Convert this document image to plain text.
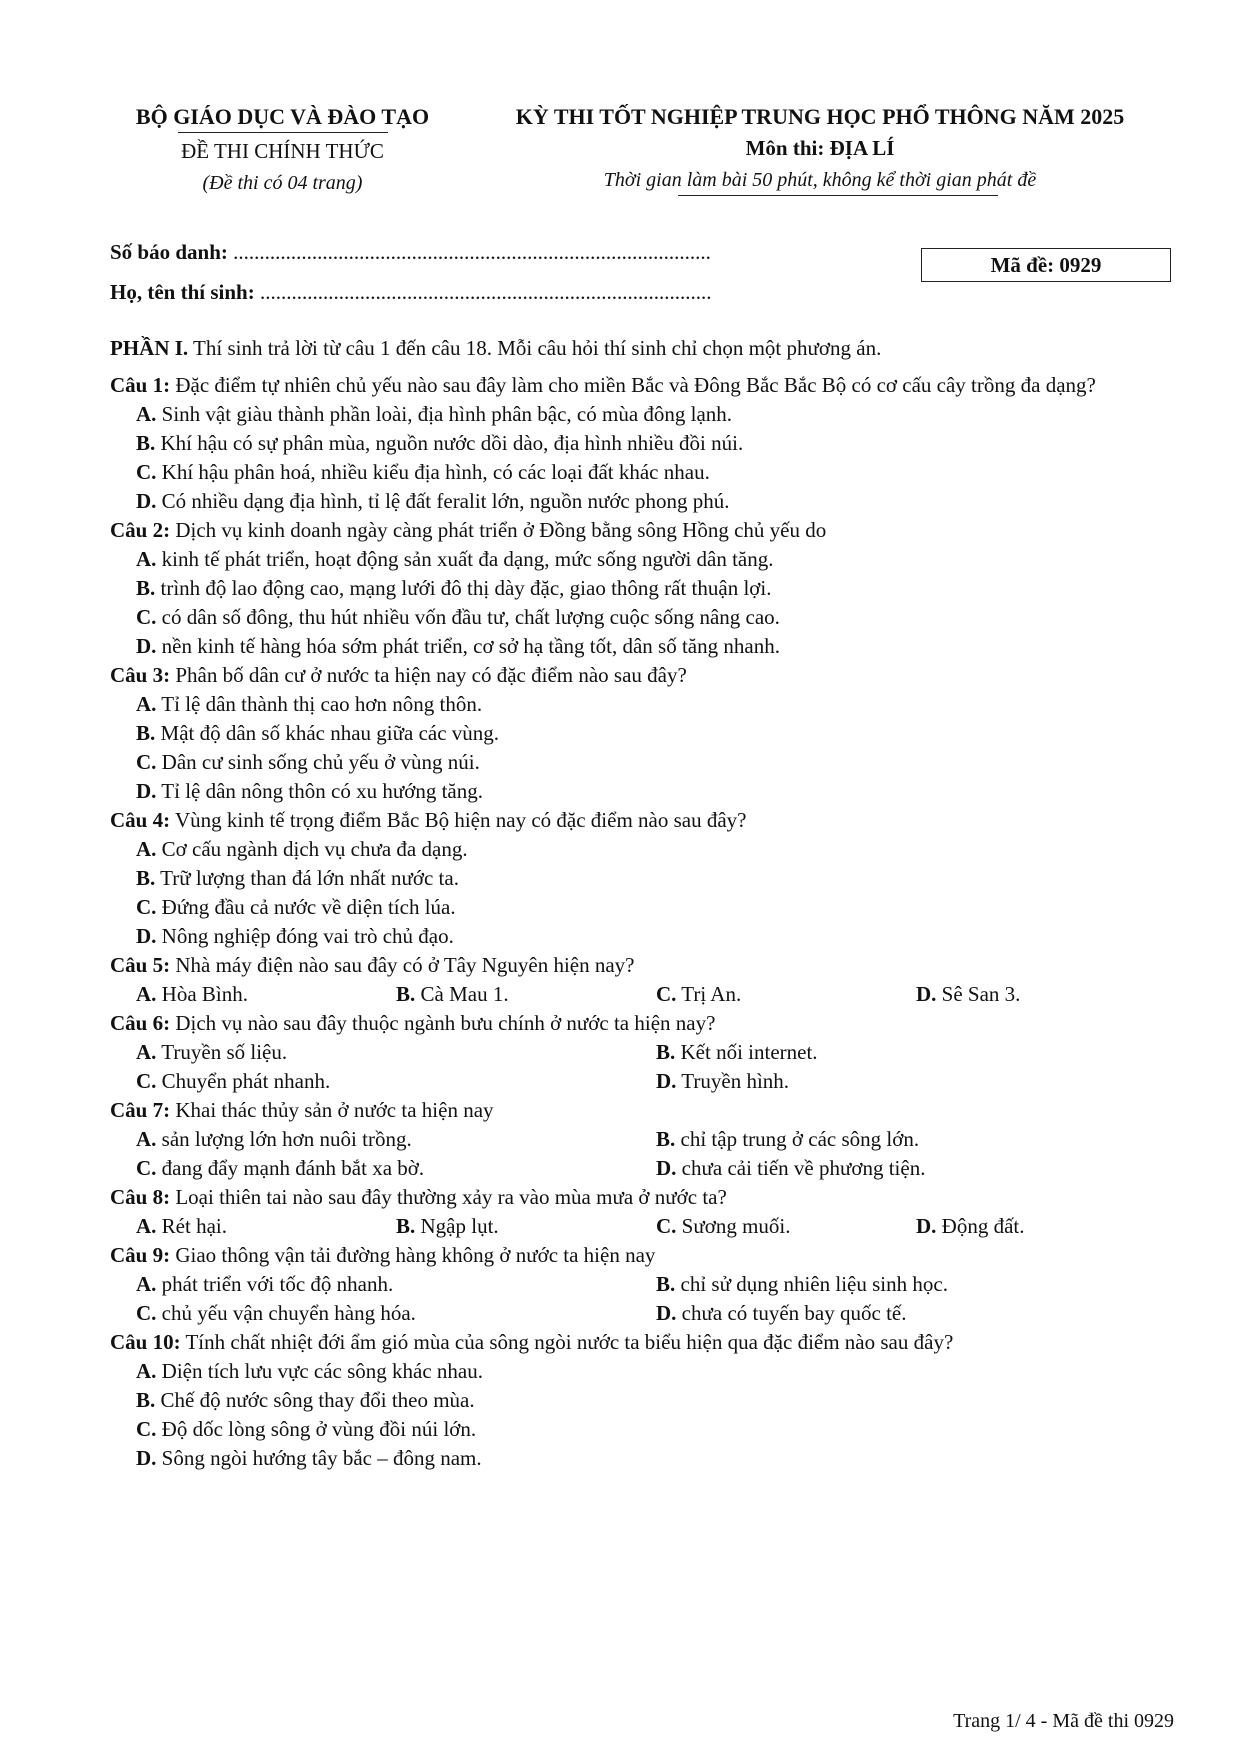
BỘ GIÁO DỤC VÀ ĐÀO TẠO
ĐỀ THI CHÍNH THỨC
(Đề thi có 04 trang)
KỲ THI TỐT NGHIỆP TRUNG HỌC PHỔ THÔNG NĂM 2025
Môn thi: ĐỊA LÍ
Thời gian làm bài 50 phút, không kể thời gian phát đề
Số báo danh: ...........................................................................................
Họ, tên thí sinh: ......................................................................................
Mã đề: 0929

PHẦN I. Thí sinh trả lời từ câu 1 đến câu 18. Mỗi câu hỏi thí sinh chỉ chọn một phương án.

Câu 1: Đặc điểm tự nhiên chủ yếu nào sau đây làm cho miền Bắc và Đông Bắc Bắc Bộ có cơ cấu cây trồng đa dạng?

A. Sinh vật giàu thành phần loài, địa hình phân bậc, có mùa đông lạnh.

B. Khí hậu có sự phân mùa, nguồn nước dồi dào, địa hình nhiều đồi núi.

C. Khí hậu phân hoá, nhiều kiểu địa hình, có các loại đất khác nhau.

D. Có nhiều dạng địa hình, tỉ lệ đất feralit lớn, nguồn nước phong phú.

Câu 2: Dịch vụ kinh doanh ngày càng phát triển ở Đồng bằng sông Hồng chủ yếu do

A. kinh tế phát triển, hoạt động sản xuất đa dạng, mức sống người dân tăng.

B. trình độ lao động cao, mạng lưới đô thị dày đặc, giao thông rất thuận lợi.

C. có dân số đông, thu hút nhiều vốn đầu tư, chất lượng cuộc sống nâng cao.

D. nền kinh tế hàng hóa sớm phát triển, cơ sở hạ tầng tốt, dân số tăng nhanh.

Câu 3: Phân bố dân cư ở nước ta hiện nay có đặc điểm nào sau đây?

A. Tỉ lệ dân thành thị cao hơn nông thôn.

B. Mật độ dân số khác nhau giữa các vùng.

C. Dân cư sinh sống chủ yếu ở vùng núi.

D. Tỉ lệ dân nông thôn có xu hướng tăng.

Câu 4: Vùng kinh tế trọng điểm Bắc Bộ hiện nay có đặc điểm nào sau đây?

A. Cơ cấu ngành dịch vụ chưa đa dạng.

B. Trữ lượng than đá lớn nhất nước ta.

C. Đứng đầu cả nước về diện tích lúa.

D. Nông nghiệp đóng vai trò chủ đạo.

Câu 5: Nhà máy điện nào sau đây có ở Tây Nguyên hiện nay?

A. Hòa Bình.	B. Cà Mau 1.	C. Trị An.	D. Sê San 3.

Câu 6: Dịch vụ nào sau đây thuộc ngành bưu chính ở nước ta hiện nay?

A. Truyền số liệu.	B. Kết nối internet.
C. Chuyển phát nhanh.	D. Truyền hình.

Câu 7: Khai thác thủy sản ở nước ta hiện nay

A. sản lượng lớn hơn nuôi trồng.	B. chỉ tập trung ở các sông lớn.
C. đang đẩy mạnh đánh bắt xa bờ.	D. chưa cải tiến về phương tiện.

Câu 8: Loại thiên tai nào sau đây thường xảy ra vào mùa mưa ở nước ta?

A. Rét hại.	B. Ngập lụt.	C. Sương muối.	D. Động đất.

Câu 9: Giao thông vận tải đường hàng không ở nước ta hiện nay

A. phát triển với tốc độ nhanh.	B. chỉ sử dụng nhiên liệu sinh học.
C. chủ yếu vận chuyển hàng hóa.	D. chưa có tuyến bay quốc tế.

Câu 10: Tính chất nhiệt đới ẩm gió mùa của sông ngòi nước ta biểu hiện qua đặc điểm nào sau đây?

A. Diện tích lưu vực các sông khác nhau.

B. Chế độ nước sông thay đổi theo mùa.

C. Độ dốc lòng sông ở vùng đồi núi lớn.

D. Sông ngòi hướng tây bắc – đông nam.

Trang 1/ 4 - Mã đề thi 0929
